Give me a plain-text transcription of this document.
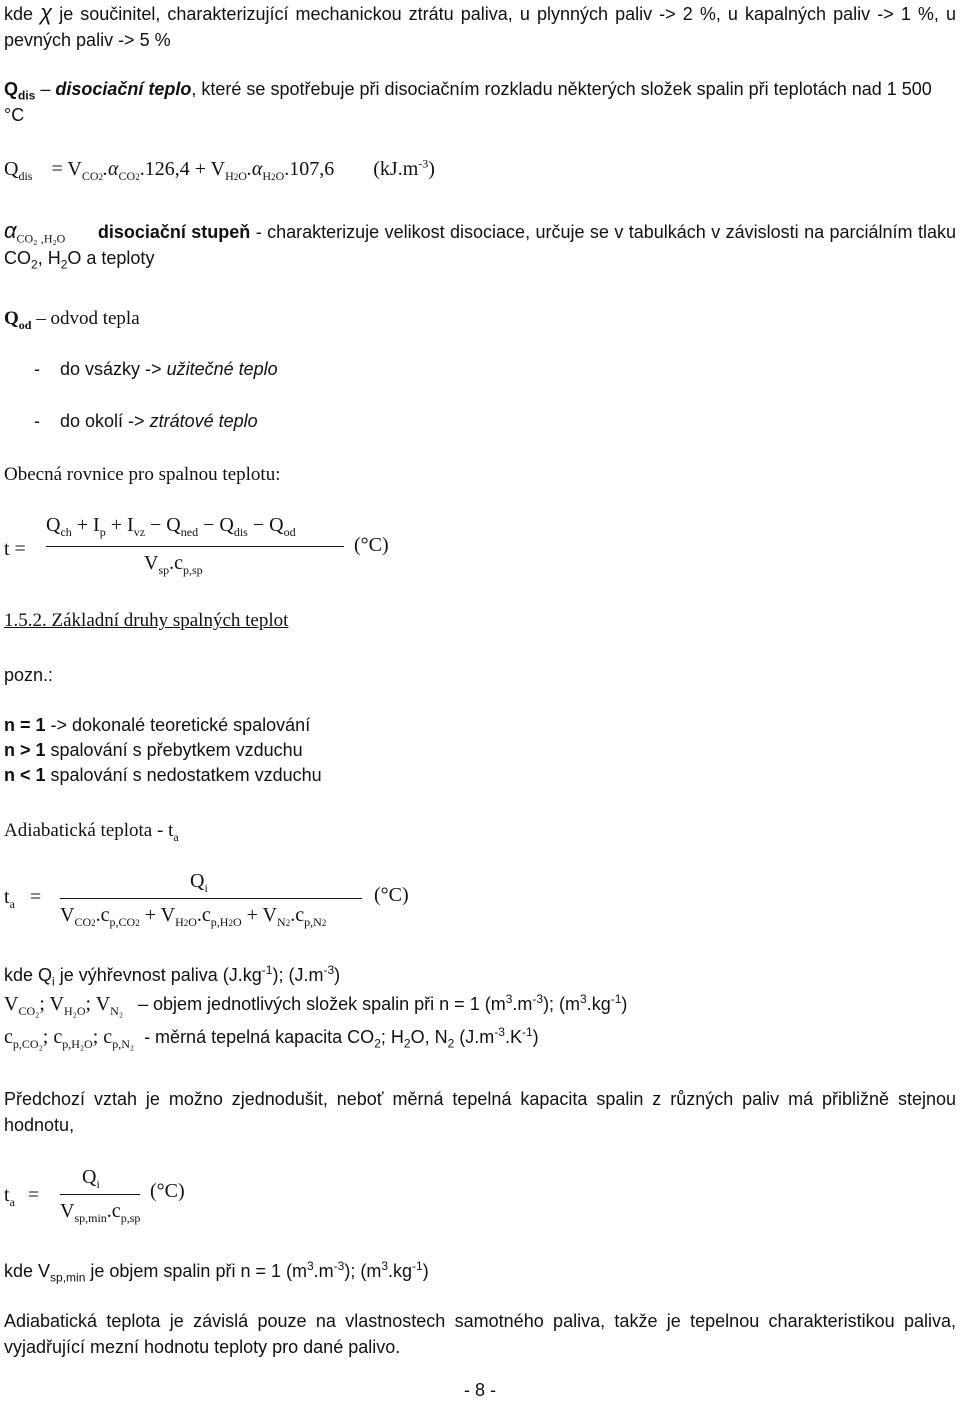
kde χ je součinitel, charakterizující mechanickou ztrátu paliva, u plynných paliv -> 2 %, u kapalných paliv -> 1 %, u pevných paliv -> 5 %
$Q_{dis}$ – disociační teplo, které se spotřebuje při disociačním rozkladu některých složek spalin při teplotách nad 1 500 °C
$Q_{dis} = V_{CO2}.\alpha_{CO2}.126,4 + V_{H2O}.\alpha_{H2O}.107,6$ $(kJ.m^{-3})$
$\alpha_{CO_2 ,H_2O}$ disociační stupeň - charakterizuje velikost disociace, určuje se v tabulkách v závislosti na parciálním tlaku $CO_2$, $H_2O$ a teploty
$Q_{od}$ – odvod tepla
- do vsázky -> užitečné teplo
- do okolí -> ztrátové teplo
Obecná rovnice pro spalnou teplotu:
t =
$Q_{ch} + I_p + I_{vz} - Q_{ned} - Q_{dis} - Q_{od}$
$V_{sp}.c_{p,sp}$
(°C)
1.5.2. Základní druhy spalných teplot
pozn.:
n = 1 -> dokonalé teoretické spalování
n > 1 spalování s přebytkem vzduchu
n < 1 spalování s nedostatkem vzduchu
Adiabatická teplota - $t_a$
$t_a$ =
$Q_i$
$V_{CO2}.c_{p,CO2} + V_{H2O}.c_{p,H2O} + V_{N2}.c_{p,N2}$
(°C)
kde $Q_i$ je výhřevnost paliva $(J.kg^{-1})$; $(J.m^{-3})$
$V_{CO_2}$; $V_{H_2O}$; $V_{N_2}$   – objem jednotlivých složek spalin při n = 1 $(m^3.m^{-3})$; $(m^3.kg^{-1})$
$c_{p,CO_2}$; $c_{p,H_2O}$; $c_{p,N_2}$ - měrná tepelná kapacita $CO_2$; $H_2O$, $N_2$ $(J.m^{-3}.K^{-1})$
Předchozí vztah je možno zjednodušit, neboť měrná tepelná kapacita spalin z různých paliv má přibližně stejnou hodnotu,
$t_a$ =
$Q_i$
$V_{sp,min}.c_{p,sp}$
(°C)
kde $V_{sp,min}$ je objem spalin při n = 1 $(m^3.m^{-3})$; $(m^3.kg^{-1})$
Adiabatická teplota je závislá pouze na vlastnostech samotného paliva, takže je tepelnou charakteristikou paliva, vyjadřující mezní hodnotu teploty pro dané palivo.
- 8 -
